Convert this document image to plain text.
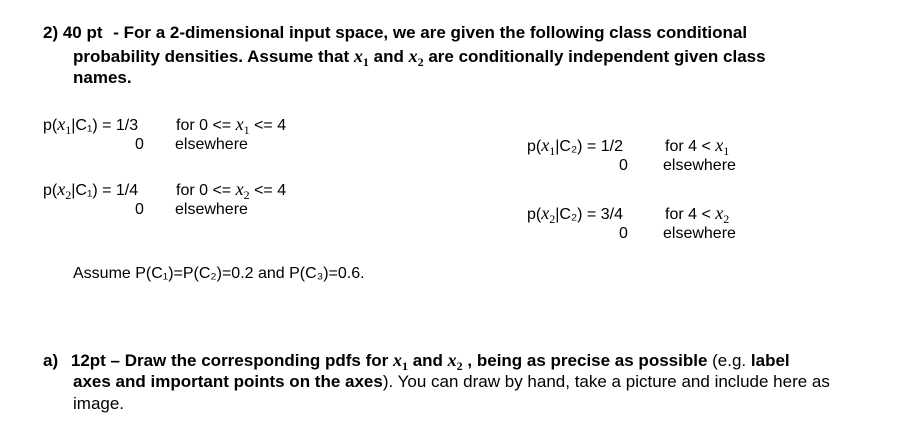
2) 40 pt - For a 2-dimensional input space, we are given the following class conditional
probability densities. Assume that $x_1$ and $x_2$ are conditionally independent given class
names.
$p(x_1|C_1) = 1/3$ for $0 <= x_1 <= 4$
0 elsewhere
$p(x_2|C_1) = 1/4$ for $0 <= x_2 <= 4$
0 elsewhere
$p(x_1|C_2) = 1/2$	for $4 < x_1$
0 elsewhere
$p(x_2|C_2) = 3/4$	for $4 < x_2$
0 elsewhere
Assume P(C₁)=P(C₂)=0.2 and P(C₃)=0.6.
a) 12pt – Draw the corresponding pdfs for $x_1$ and $x_2$ , being as precise as possible (e.g. label
axes and important points on the axes). You can draw by hand, take a picture and include here as
image.
